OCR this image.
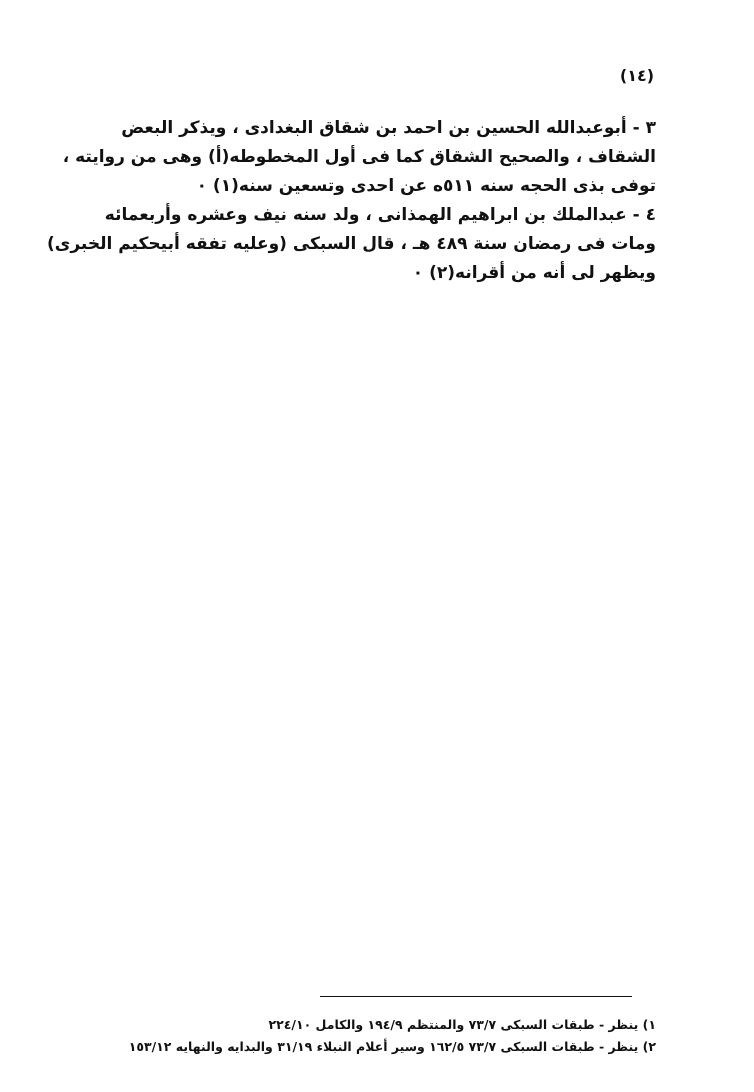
(١٤)
٣ - أبوعبدالله الحسين بن احمد بن شقاق البغدادى ، ويذكر البعض
الشقاف ، والصحيح الشقاق كما فى أول المخطوطه(أ) وهى من روايته ،
توفى بذى الحجه سنه ٥١١ه عن احدى وتسعين سنه(١) ٠
٤ - عبدالملك بن ابراهيم الهمذانى ، ولد سنه نيف وعشره وأربعمائه
ومات فى رمضان سنة ٤٨٩ هـ ، قال السبكى (وعليه تفقه أبيحكيم الخبرى)
ويظهر لى أنه من أقرانه(٢) ٠
١) ينظر - طبقات السبكى ٧٣/٧ والمنتظم ١٩٤/٩ والكامل ٢٢٤/١٠
٢) ينظر - طبقات السبكى ٧٣/٧ ١٦٢/٥ وسير أعلام النبلاء ٣١/١٩ والبدايه والنهايه ١٥٣/١٢
